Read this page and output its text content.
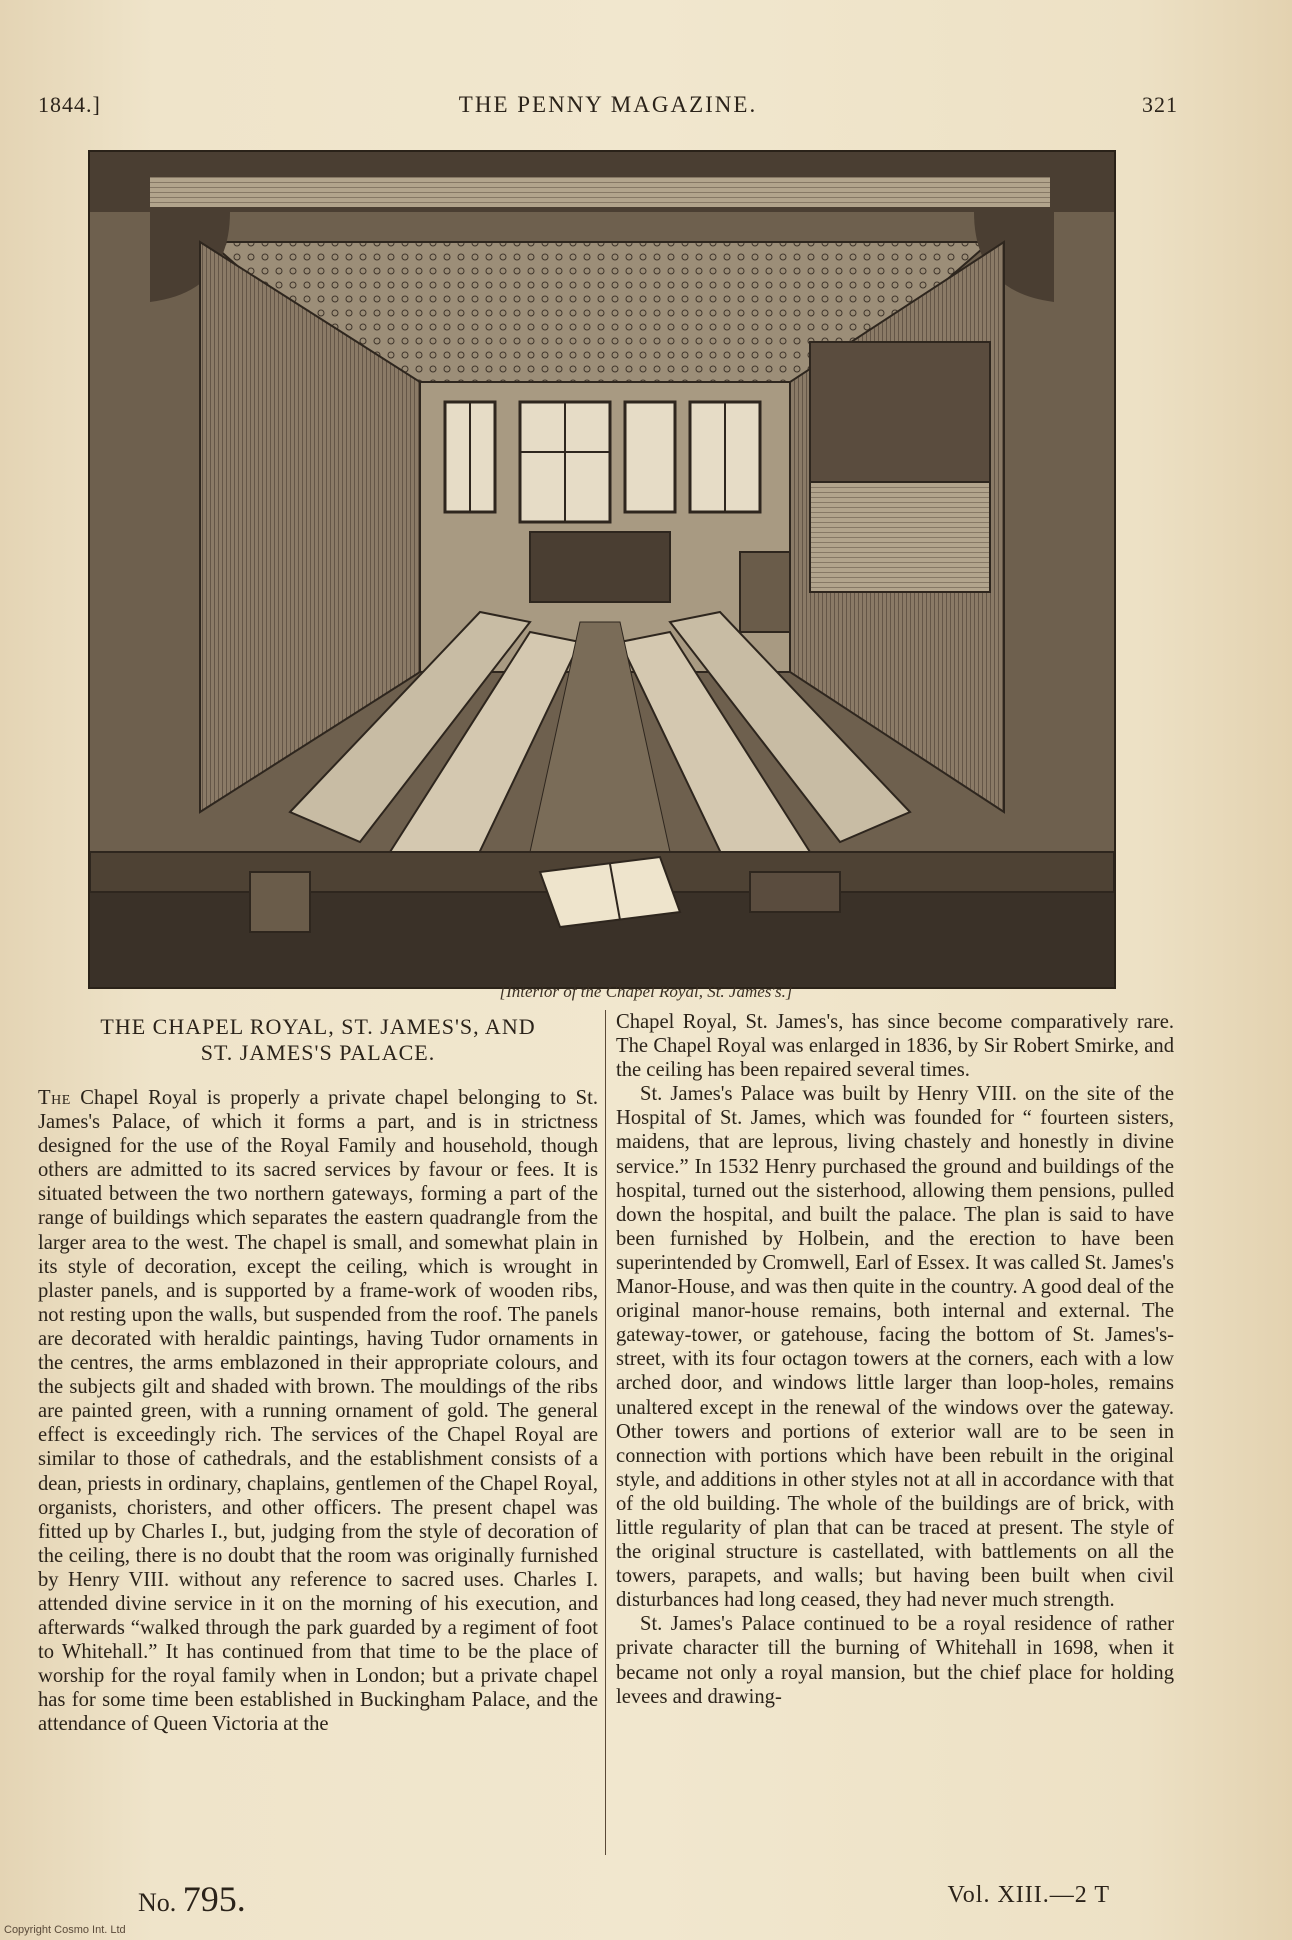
1844.]	THE PENNY MAGAZINE.	321
[Interior of the Chapel Royal, St. James's.]
THE CHAPEL ROYAL, ST. JAMES'S, AND
ST. JAMES'S PALACE.

The Chapel Royal is properly a private chapel belonging to St. James's Palace, of which it forms a part, and is in strictness designed for the use of the Royal Family and household, though others are admitted to its sacred services by favour or fees. It is situated between the two northern gateways, forming a part of the range of buildings which separates the eastern quadrangle from the larger area to the west. The chapel is small, and somewhat plain in its style of decoration, except the ceiling, which is wrought in plaster panels, and is supported by a frame-work of wooden ribs, not resting upon the walls, but suspended from the roof. The panels are decorated with heraldic paintings, having Tudor ornaments in the centres, the arms emblazoned in their appropriate colours, and the subjects gilt and shaded with brown. The mouldings of the ribs are painted green, with a running ornament of gold. The general effect is exceedingly rich. The services of the Chapel Royal are similar to those of cathedrals, and the establishment consists of a dean, priests in ordinary, chaplains, gentlemen of the Chapel Royal, organists, choristers, and other officers. The present chapel was fitted up by Charles I., but, judging from the style of decoration of the ceiling, there is no doubt that the room was originally furnished by Henry VIII. without any reference to sacred uses. Charles I. attended divine service in it on the morning of his execution, and afterwards “walked through the park guarded by a regiment of foot to Whitehall.” It has continued from that time to be the place of worship for the royal family when in London; but a private chapel has for some time been established in Buckingham Palace, and the attendance of Queen Victoria at the

Chapel Royal, St. James's, has since become comparatively rare. The Chapel Royal was enlarged in 1836, by Sir Robert Smirke, and the ceiling has been repaired several times.

St. James's Palace was built by Henry VIII. on the site of the Hospital of St. James, which was founded for “ fourteen sisters, maidens, that are leprous, living chastely and honestly in divine service.” In 1532 Henry purchased the ground and buildings of the hospital, turned out the sisterhood, allowing them pensions, pulled down the hospital, and built the palace. The plan is said to have been furnished by Holbein, and the erection to have been superintended by Cromwell, Earl of Essex. It was called St. James's Manor-House, and was then quite in the country. A good deal of the original manor-house remains, both internal and external. The gateway-tower, or gatehouse, facing the bottom of St. James's-street, with its four octagon towers at the corners, each with a low arched door, and windows little larger than loop-holes, remains unaltered except in the renewal of the windows over the gateway. Other towers and portions of exterior wall are to be seen in connection with portions which have been rebuilt in the original style, and additions in other styles not at all in accordance with that of the old building. The whole of the buildings are of brick, with little regularity of plan that can be traced at present. The style of the original structure is castellated, with battlements on all the towers, parapets, and walls; but having been built when civil disturbances had long ceased, they had never much strength.

St. James's Palace continued to be a royal residence of rather private character till the burning of Whitehall in 1698, when it became not only a royal mansion, but the chief place for holding levees and drawing-

No. 795.	Vol. XIII.—2 T
Copyright Cosmo Int. Ltd
